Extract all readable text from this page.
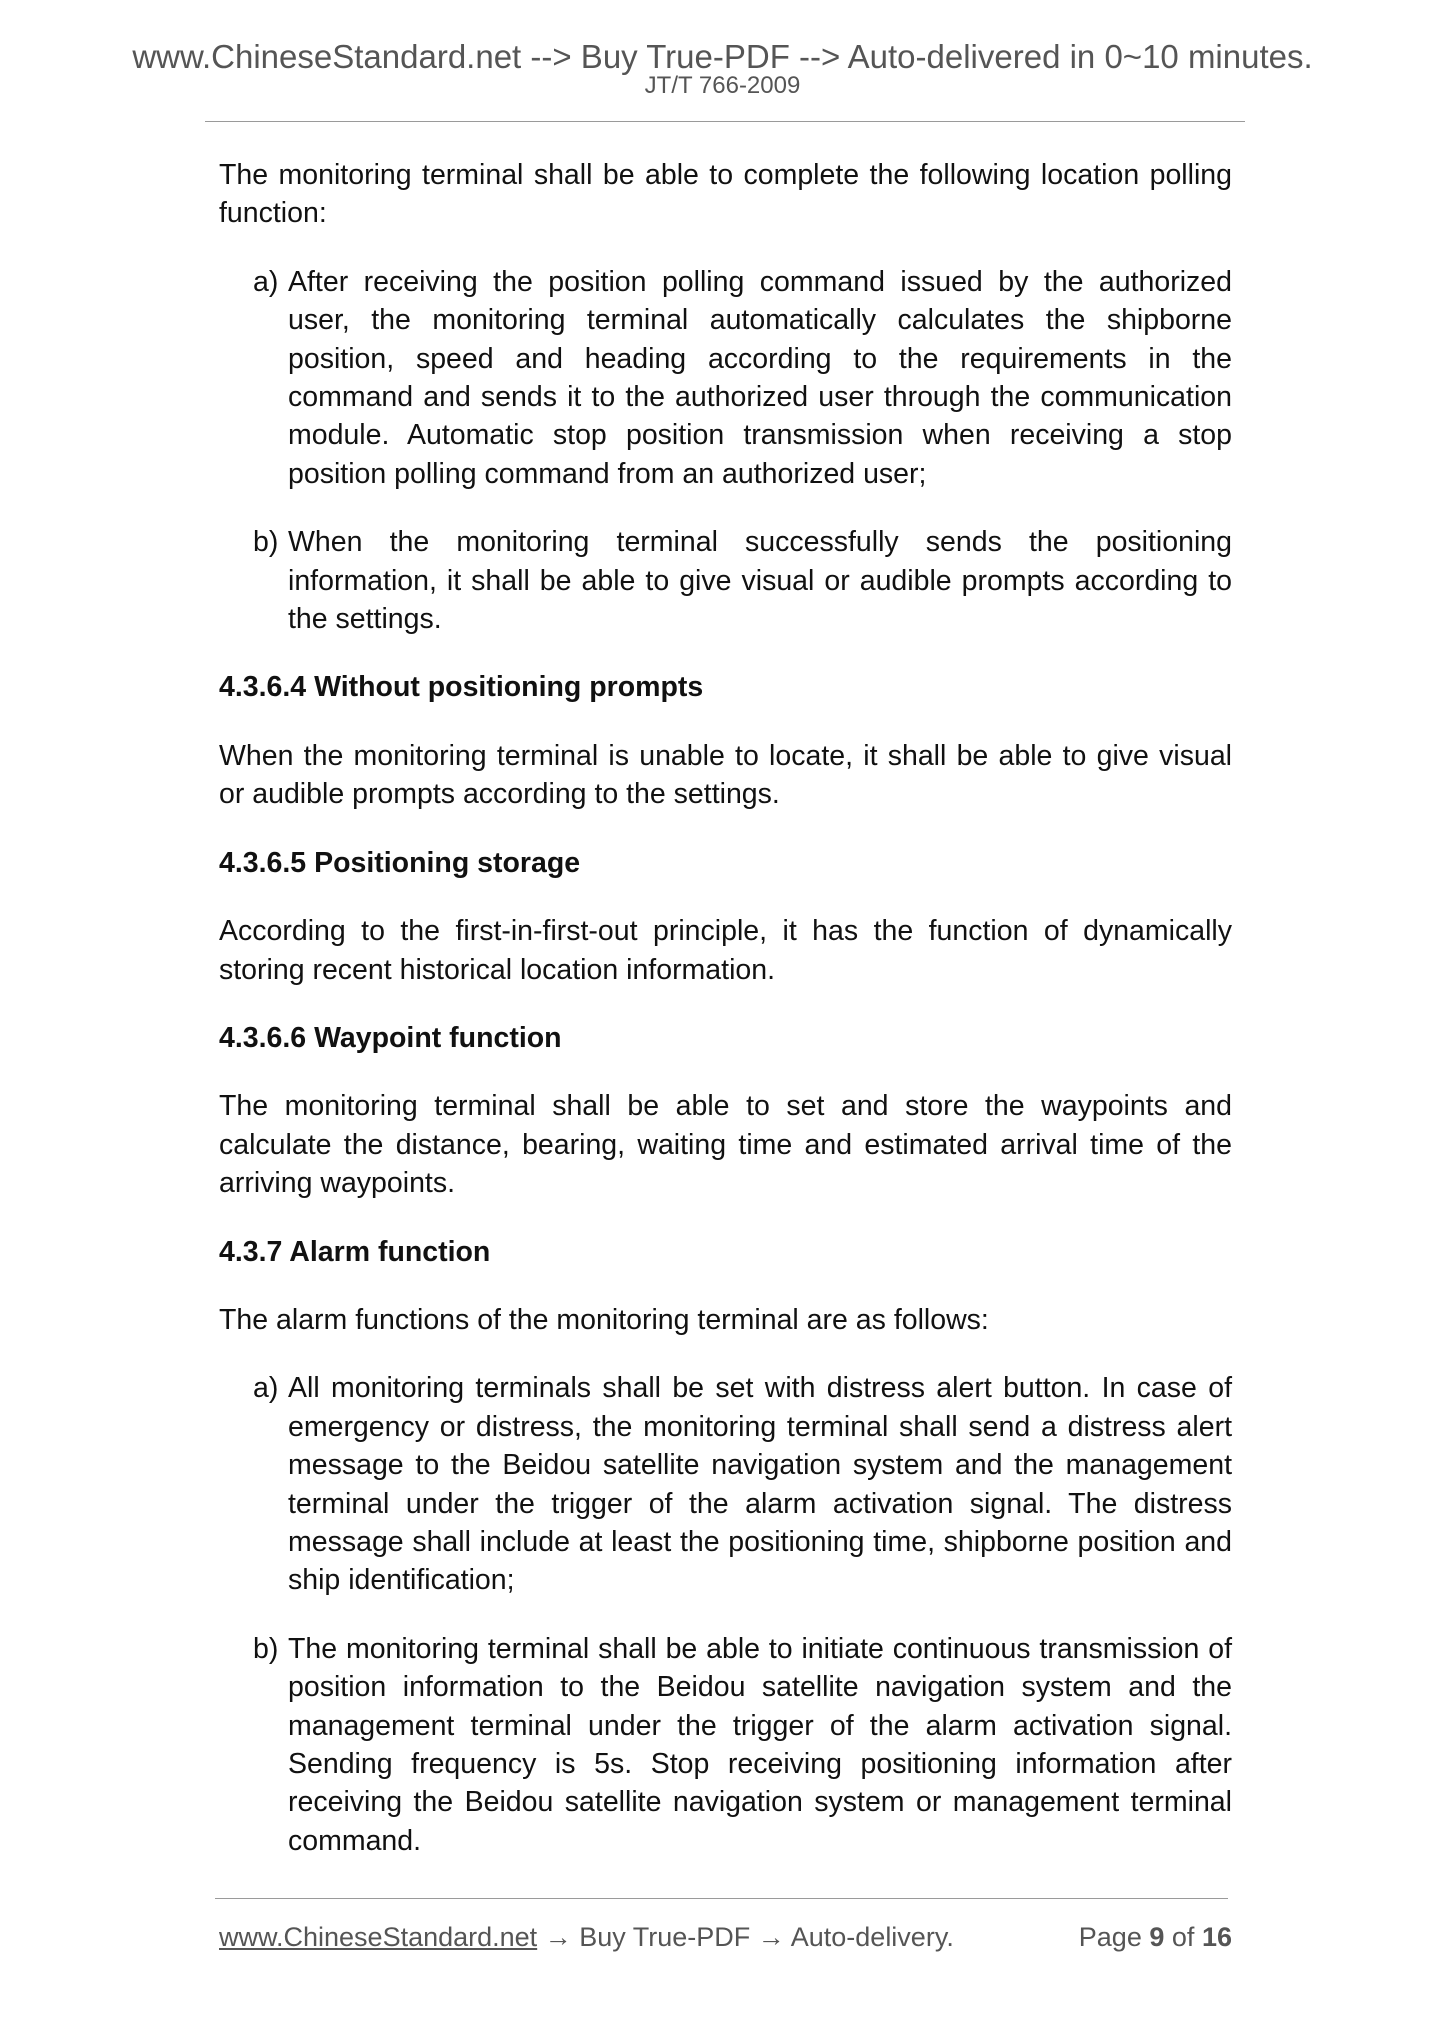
www.ChineseStandard.net --> Buy True-PDF --> Auto-delivered in 0~10 minutes.
JT/T 766-2009

The monitoring terminal shall be able to complete the following location polling function:

a) After receiving the position polling command issued by the authorized user, the monitoring terminal automatically calculates the shipborne position, speed and heading according to the requirements in the command and sends it to the authorized user through the communication module. Automatic stop position transmission when receiving a stop position polling command from an authorized user;
b) When the monitoring terminal successfully sends the positioning information, it shall be able to give visual or audible prompts according to the settings.

4.3.6.4 Without positioning prompts

When the monitoring terminal is unable to locate, it shall be able to give visual or audible prompts according to the settings.

4.3.6.5 Positioning storage

According to the first-in-first-out principle, it has the function of dynamically storing recent historical location information.

4.3.6.6 Waypoint function

The monitoring terminal shall be able to set and store the waypoints and calculate the distance, bearing, waiting time and estimated arrival time of the arriving waypoints.

4.3.7 Alarm function

The alarm functions of the monitoring terminal are as follows:

a) All monitoring terminals shall be set with distress alert button. In case of emergency or distress, the monitoring terminal shall send a distress alert message to the Beidou satellite navigation system and the management terminal under the trigger of the alarm activation signal. The distress message shall include at least the positioning time, shipborne position and ship identification;
b) The monitoring terminal shall be able to initiate continuous transmission of position information to the Beidou satellite navigation system and the management terminal under the trigger of the alarm activation signal. Sending frequency is 5s. Stop receiving positioning information after receiving the Beidou satellite navigation system or management terminal command.
www.ChineseStandard.net → Buy True-PDF → Auto-delivery.	Page 9 of 16
